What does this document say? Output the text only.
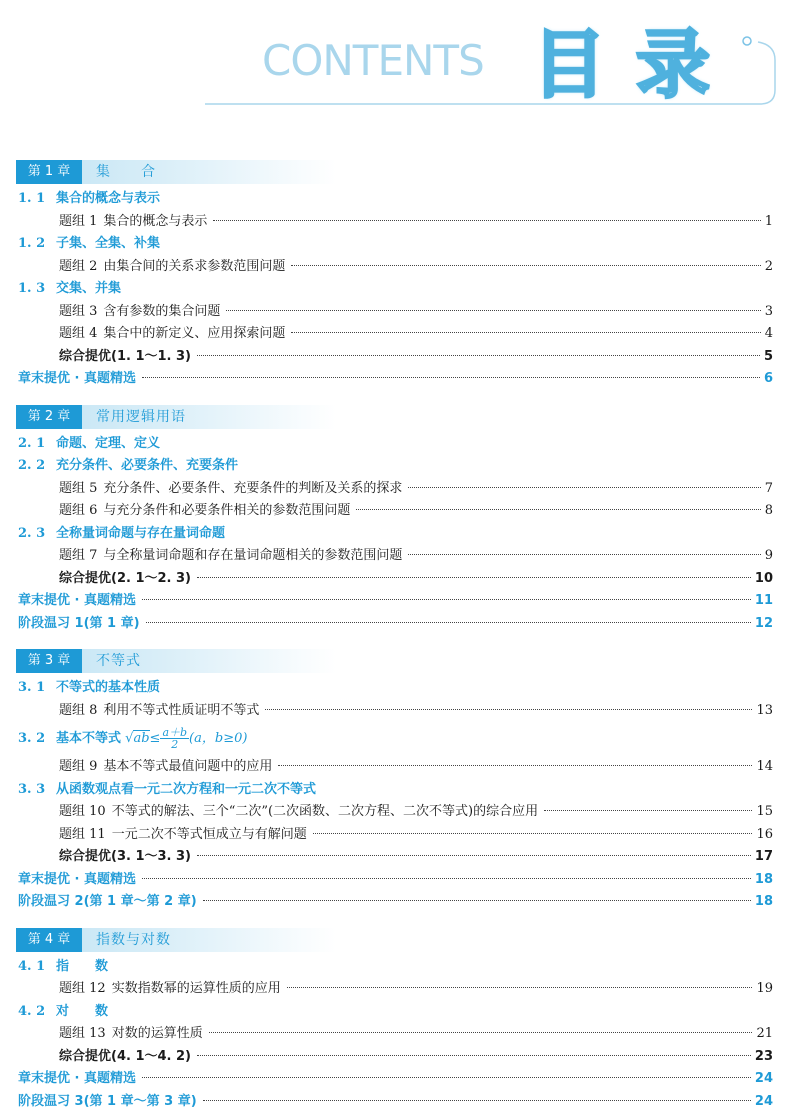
CONTENTS 目录
第 1 章	集　　合
1. 1 集合的概念与表示
题组 1 集合的概念与表示	1
1. 2 子集、全集、补集
题组 2 由集合间的关系求参数范围问题	2
1. 3 交集、并集
题组 3 含有参数的集合问题	3
题组 4 集合中的新定义、应用探索问题	4
综合提优(1. 1～1. 3)	5
章末提优 · 真题精选	6
第 2 章	常用逻辑用语
2. 1 命题、定理、定义
2. 2 充分条件、必要条件、充要条件
题组 5 充分条件、必要条件、充要条件的判断及关系的探求	7
题组 6 与充分条件和必要条件相关的参数范围问题	8
2. 3 全称量词命题与存在量词命题
题组 7 与全称量词命题和存在量词命题相关的参数范围问题	9
综合提优(2. 1～2. 3)	10
章末提优 · 真题精选	11
阶段温习 1(第 1 章)	12
第 3 章	不等式
3. 1 不等式的基本性质
题组 8 利用不等式性质证明不等式	13
3. 2 基本不等式 $√ab\le \frac{a+b}{2} (a$，b≥0)
题组 9 基本不等式最值问题中的应用	14
3. 3 从函数观点看一元二次方程和一元二次不等式
题组 10 不等式的解法、三个“二次”(二次函数、二次方程、二次不等式)的综合应用	15
题组 11 一元二次不等式恒成立与有解问题	16
综合提优(3. 1～3. 3)	17
章末提优 · 真题精选	18
阶段温习 2(第 1 章～第 2 章)	18
第 4 章	指数与对数
4. 1 指　　数
题组 12 实数指数幂的运算性质的应用	19
4. 2 对　　数
题组 13 对数的运算性质	21
综合提优(4. 1～4. 2)	23
章末提优 · 真题精选	24
阶段温习 3(第 1 章～第 3 章)	24
